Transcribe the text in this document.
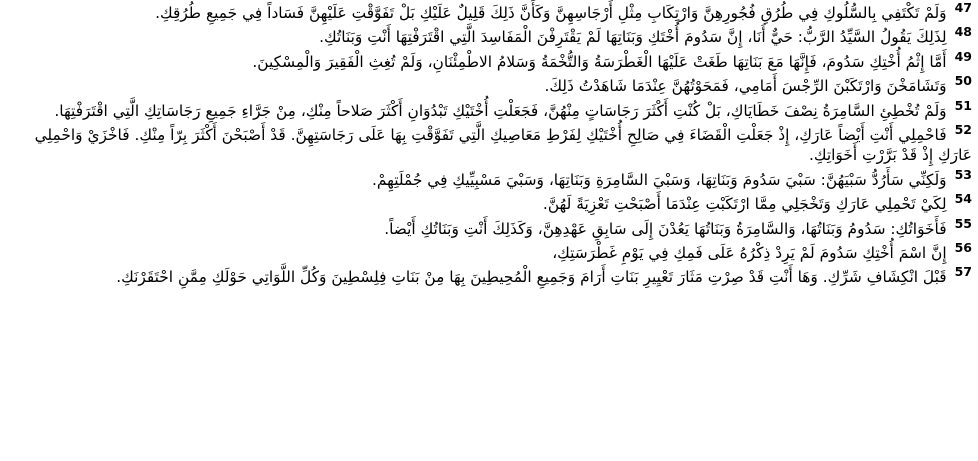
$^{47}$وَلَمْ تَكْتَفِي بِالسُّلُوكِ فِي طُرُقِ فُجُورِهِنَّ وَارْتِكَابِ مِثْلِ أَرْجَاسِهِنَّ وَكَأَنَّ ذَلِكَ قَلِيلٌ عَلَيْكِ بَلْ تَفَوَّقْتِ عَلَيْهِنَّ فَسَاداً فِي جَمِيعِ طُرُقِكِ.

$^{48}$لِذَلِكَ يَقُولُ السَّيِّدُ الرَّبُّ: حَيٌّ أَنَا، إِنَّ سَدُومَ أُخْتَكِ وَبَنَاتِهَا لَمْ يَقْتَرِفْنَ الْمَفَاسِدَ الَّتِي اقْتَرَفْتِهَا أَنْتِ وَبَنَاتُكِ.

$^{49}$أَمَّا إِثْمُ أُخْتِكِ سَدُومَ، فَإِنَّهَا مَعَ بَنَاتِهَا طَغَتْ عَلَيْهَا الْغَطْرَسَةُ وَالتُّخْمَةُ وَسَلامُ الاطْمِئْنَانِ، وَلَمْ تُغِثِ الْفَقِيرَ وَالْمِسْكِينَ.

$^{50}$وَتَشَامَخْنَ وَارْتَكَبْنَ الرِّجْسَ أَمَامِي، فَمَحَوْتُهُنَّ عِنْدَمَا شَاهَدْتُ ذَلِكَ.

$^{51}$وَلَمْ تُخْطِئِ السَّامِرَةُ نِصْفَ خَطَايَاكِ، بَلْ كُنْتِ أَكْثَرَ رَجَاسَاتٍ مِنْهُنَّ، فَجَعَلْتِ أُخْتَيْكِ تَبْدُوَانِ أَكْثَرَ صَلاحاً مِنْكِ، مِنْ جَرَّاءِ جَمِيعِ رَجَاسَاتِكِ الَّتِي اقْتَرَفْتِهَا.

$^{52}$فَاحْمِلِي أَنْتِ أَيْضاً عَارَكِ، إِذْ جَعَلْتِ الْقَضَاءَ فِي صَالِحِ أُخْتَيْكِ لِفَرْطِ مَعَاصِيكِ الَّتِي تَفَوَّقْتِ بِهَا عَلَى رَجَاسَتِهِنَّ. قَدْ أَصْبَحْنَ أَكْثَرَ بِرّاً مِنْكِ. فَاخْزَيْ وَاحْمِلِي عَارَكِ إِذْ قَدْ بَرَّرْتِ أَخَوَاتِكِ.

$^{53}$وَلَكِنِّي سَأَرُدُّ سَبْيَهُنَّ: سَبْيَ سَدُومَ وَبَنَاتِهَا، وَسَبْيَ السَّامِرَةِ وَبَنَاتِهَا، وَسَبْيَ مَسْبِيِّيكِ فِي جُمْلَتِهِمْ.

$^{54}$لِكَيْ تَحْمِلِي عَارَكِ وَتَخْجَلِي مِمَّا ارْتَكَبْتِ عِنْدَمَا أَصْبَحْتِ تَعْزِيَةً لَهُنَّ.

$^{55}$فَأَخَوَاتُكِ: سَدُومُ وَبَنَاتُهَا، وَالسَّامِرَةُ وَبَنَاتُهَا يَعُدْنَ إِلَى سَابِقِ عَهْدِهِنَّ، وَكَذَلِكَ أَنْتِ وَبَنَاتُكِ أَيْضاً.

$^{56}$إِنَّ اسْمَ أُخْتِكِ سَدُومَ لَمْ يَرِدْ ذِكْرُهُ عَلَى فَمِكِ فِي يَوْمِ غَطْرَسَتِكِ،

$^{57}$قَبْلَ انْكِشَافِ شَرِّكِ. وَهَا أَنْتِ قَدْ صِرْتِ مَثَارَ تَعْيِيرِ بَنَاتِ أَرَامَ وَجَمِيعِ الْمُحِيطِينَ بِهَا مِنْ بَنَاتِ فِلِسْطِينَ وَكُلِّ اللَّوَاتِي حَوْلَكِ مِمَّنِ احْتَقَرْنَكِ.
